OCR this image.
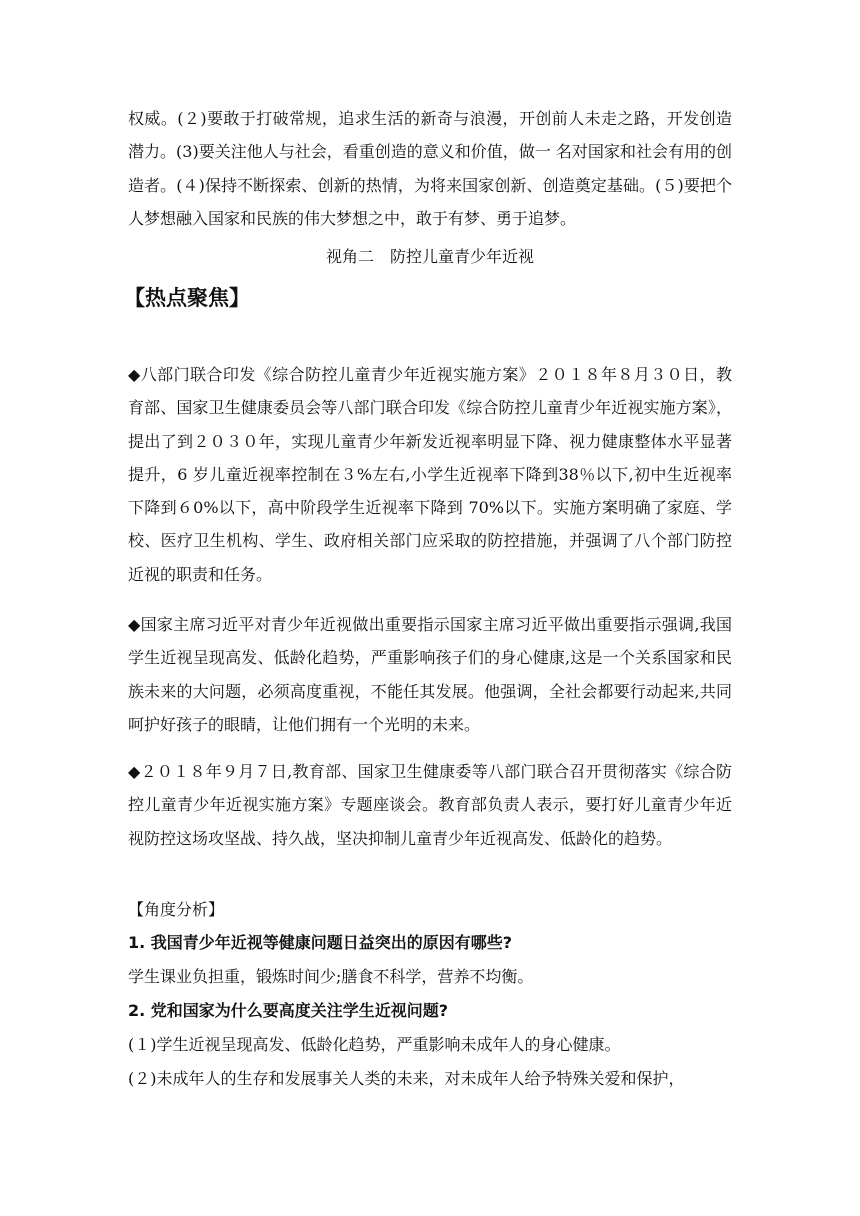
权威。(２)要敢于打破常规，追求生活的新奇与浪漫，开创前人未走之路，开发创造潜力。(3)要关注他人与社会，看重创造的意义和价值，做一 名对国家和社会有用的创造者。(４)保持不断探索、创新的热情，为将来国家创新、创造奠定基础。(５)要把个人梦想融入国家和民族的伟大梦想之中，敢于有梦、勇于追梦。
视角二　防控儿童青少年近视
【热点聚焦】
◆八部门联合印发《综合防控儿童青少年近视实施方案》２０１８年８月３０日，教育部、国家卫生健康委员会等八部门联合印发《综合防控儿童青少年近视实施方案》，提出了到２０３０年，实现儿童青少年新发近视率明显下降、视力健康整体水平显著提升，6 岁儿童近视率控制在３%左右,小学生近视率下降到38％以下,初中生近视率下降到６0%以下，高中阶段学生近视率下降到 70%以下。实施方案明确了家庭、学校、医疗卫生机构、学生、政府相关部门应采取的防控措施，并强调了八个部门防控近视的职责和任务。
◆国家主席习近平对青少年近视做出重要指示国家主席习近平做出重要指示强调,我国学生近视呈现高发、低龄化趋势，严重影响孩子们的身心健康,这是一个关系国家和民族未来的大问题，必须高度重视，不能任其发展。他强调，全社会都要行动起来,共同呵护好孩子的眼睛，让他们拥有一个光明的未来。
◆２０１８年９月７日,教育部、国家卫生健康委等八部门联合召开贯彻落实《综合防控儿童青少年近视实施方案》专题座谈会。教育部负责人表示，要打好儿童青少年近视防控这场攻坚战、持久战，坚决抑制儿童青少年近视高发、低龄化的趋势。
【角度分析】
1. 我国青少年近视等健康问题日益突出的原因有哪些?
学生课业负担重，锻炼时间少;膳食不科学，营养不均衡。
2. 党和国家为什么要高度关注学生近视问题?
(１)学生近视呈现高发、低龄化趋势，严重影响未成年人的身心健康。
(２)未成年人的生存和发展事关人类的未来，对未成年人给予特殊关爱和保护，
